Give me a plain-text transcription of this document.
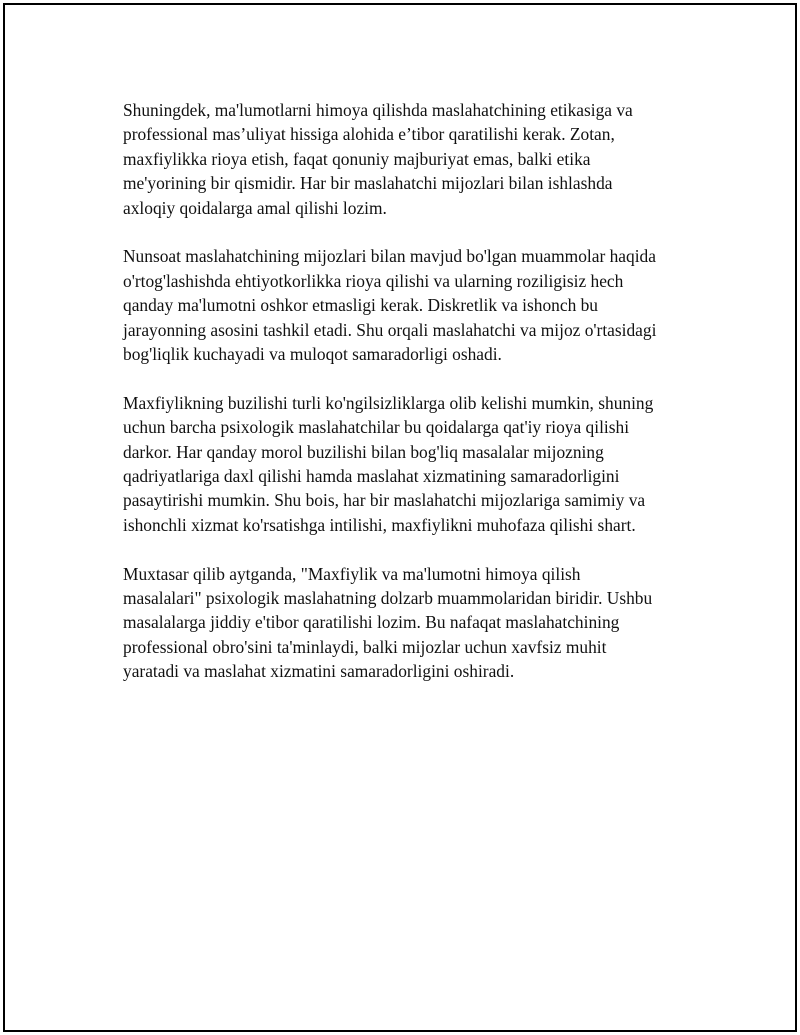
Shuningdek, ma'lumotlarni himoya qilishda maslahatchining etikasiga va
professional mas’uliyat hissiga alohida e’tibor qaratilishi kerak. Zotan,
maxfiylikka rioya etish, faqat qonuniy majburiyat emas, balki etika
me'yorining bir qismidir. Har bir maslahatchi mijozlari bilan ishlashda
axloqiy qoidalarga amal qilishi lozim.

Nunsoat maslahatchining mijozlari bilan mavjud bo'lgan muammolar haqida
o'rtog'lashishda ehtiyotkorlikka rioya qilishi va ularning roziligisiz hech
qanday ma'lumotni oshkor etmasligi kerak. Diskretlik va ishonch bu
jarayonning asosini tashkil etadi. Shu orqali maslahatchi va mijoz o'rtasidagi
bog'liqlik kuchayadi va muloqot samaradorligi oshadi.

Maxfiylikning buzilishi turli ko'ngilsizliklarga olib kelishi mumkin, shuning
uchun barcha psixologik maslahatchilar bu qoidalarga qat'iy rioya qilishi
darkor. Har qanday morol buzilishi bilan bog'liq masalalar mijozning
qadriyatlariga daxl qilishi hamda maslahat xizmatining samaradorligini
pasaytirishi mumkin. Shu bois, har bir maslahatchi mijozlariga samimiy va
ishonchli xizmat ko'rsatishga intilishi, maxfiylikni muhofaza qilishi shart.

Muxtasar qilib aytganda, "Maxfiylik va ma'lumotni himoya qilish
masalalari" psixologik maslahatning dolzarb muammolaridan biridir. Ushbu
masalalarga jiddiy e'tibor qaratilishi lozim. Bu nafaqat maslahatchining
professional obro'sini ta'minlaydi, balki mijozlar uchun xavfsiz muhit
yaratadi va maslahat xizmatini samaradorligini oshiradi.
